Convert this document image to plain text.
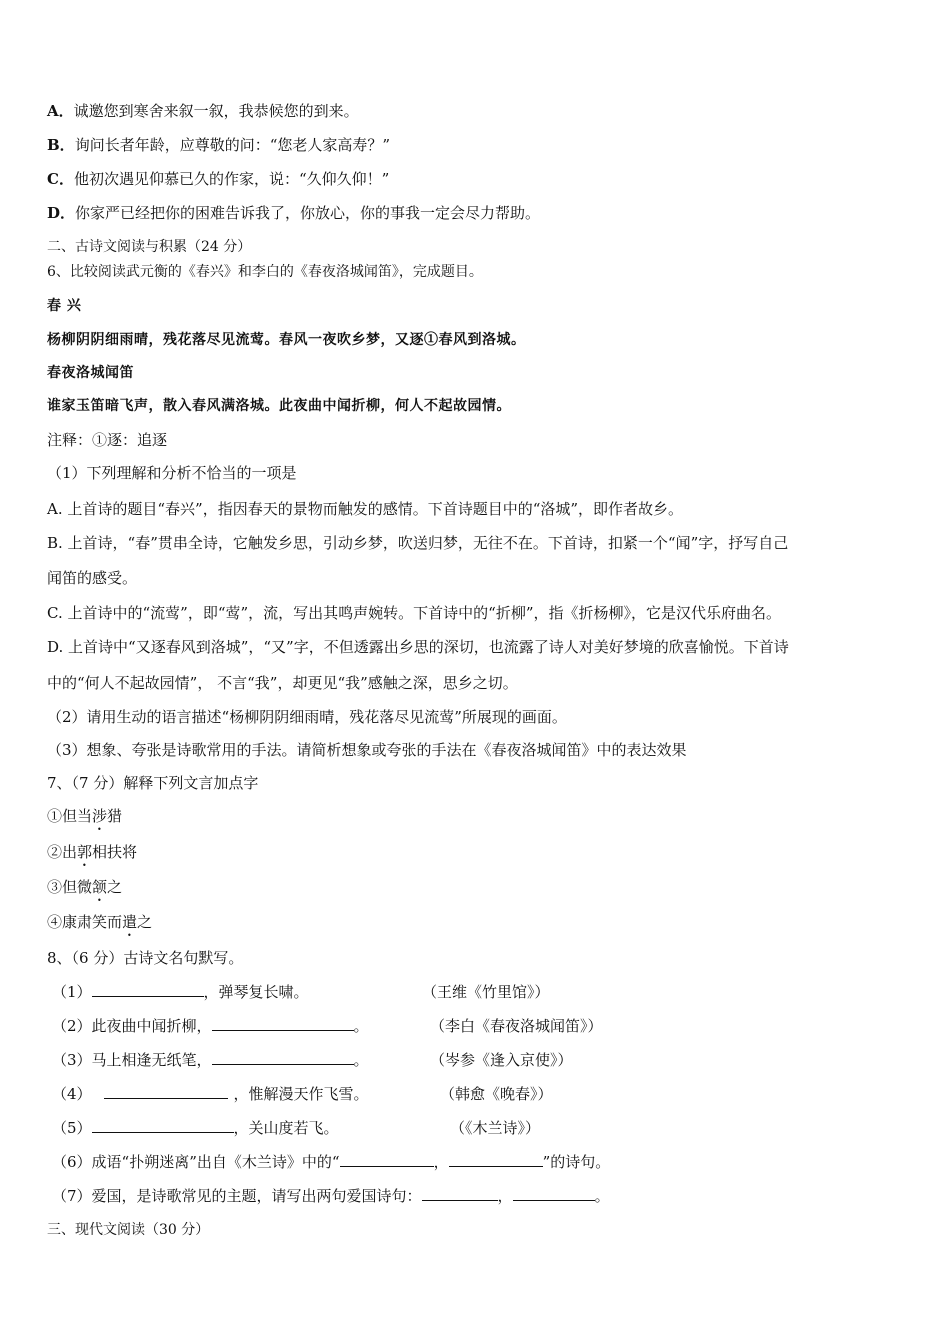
A．诚邀您到寒舍来叙一叙，我恭候您的到来。
B．询问长者年龄，应尊敬的问：“您老人家高寿？”
C．他初次遇见仰慕已久的作家，说：“久仰久仰！”
D．你家严已经把你的困难告诉我了，你放心，你的事我一定会尽力帮助。
二、古诗文阅读与积累（24 分）
6、比较阅读武元衡的《春兴》和李白的《春夜洛城闻笛》，完成题目。
春 兴
杨柳阴阴细雨晴，残花落尽见流莺。春风一夜吹乡梦，又逐①春风到洛城。
春夜洛城闻笛
谁家玉笛暗飞声，散入春风满洛城。此夜曲中闻折柳，何人不起故园情。
注释：①逐：追逐
（1）下列理解和分析不恰当的一项是
A. 上首诗的题目“春兴”，指因春天的景物而触发的感情。下首诗题目中的“洛城”，即作者故乡。
B. 上首诗，“春”贯串全诗，它触发乡思，引动乡梦，吹送归梦，无往不在。下首诗，扣紧一个“闻”字，抒写自己
闻笛的感受。
C. 上首诗中的“流莺”，即“莺”，流，写出其鸣声婉转。下首诗中的“折柳”，指《折杨柳》，它是汉代乐府曲名。
D. 上首诗中“又逐春风到洛城”，“又”字，不但透露出乡思的深切，也流露了诗人对美好梦境的欣喜愉悦。下首诗
中的“何人不起故园情”， 不言“我”，却更见“我”感触之深，思乡之切。
（2）请用生动的语言描述“杨柳阴阴细雨晴，残花落尽见流莺”所展现的画面。
（3）想象、夸张是诗歌常用的手法。请简析想象或夸张的手法在《春夜洛城闻笛》中的表达效果
7、（7 分）解释下列文言加点字
①但当涉猎
②出郭相扶将
③但微颔之
④康肃笑而遣之
8、（6 分）古诗文名句默写。
（1）	，弹琴复长啸。	（王维《竹里馆》）
（2）此夜曲中闻折柳，	。	（李白《春夜洛城闻笛》）
（3）马上相逢无纸笔，	。	（岑参《逢入京使》）
（4）	，惟解漫天作飞雪。	（韩愈《晚春》）
（5）	，关山度若飞。	（《木兰诗》）
（6）成语“扑朔迷离”出自《木兰诗》中的“	，	”的诗句。
（7）爱国，是诗歌常见的主题，请写出两句爱国诗句：	，	。
三、现代文阅读（30 分）
